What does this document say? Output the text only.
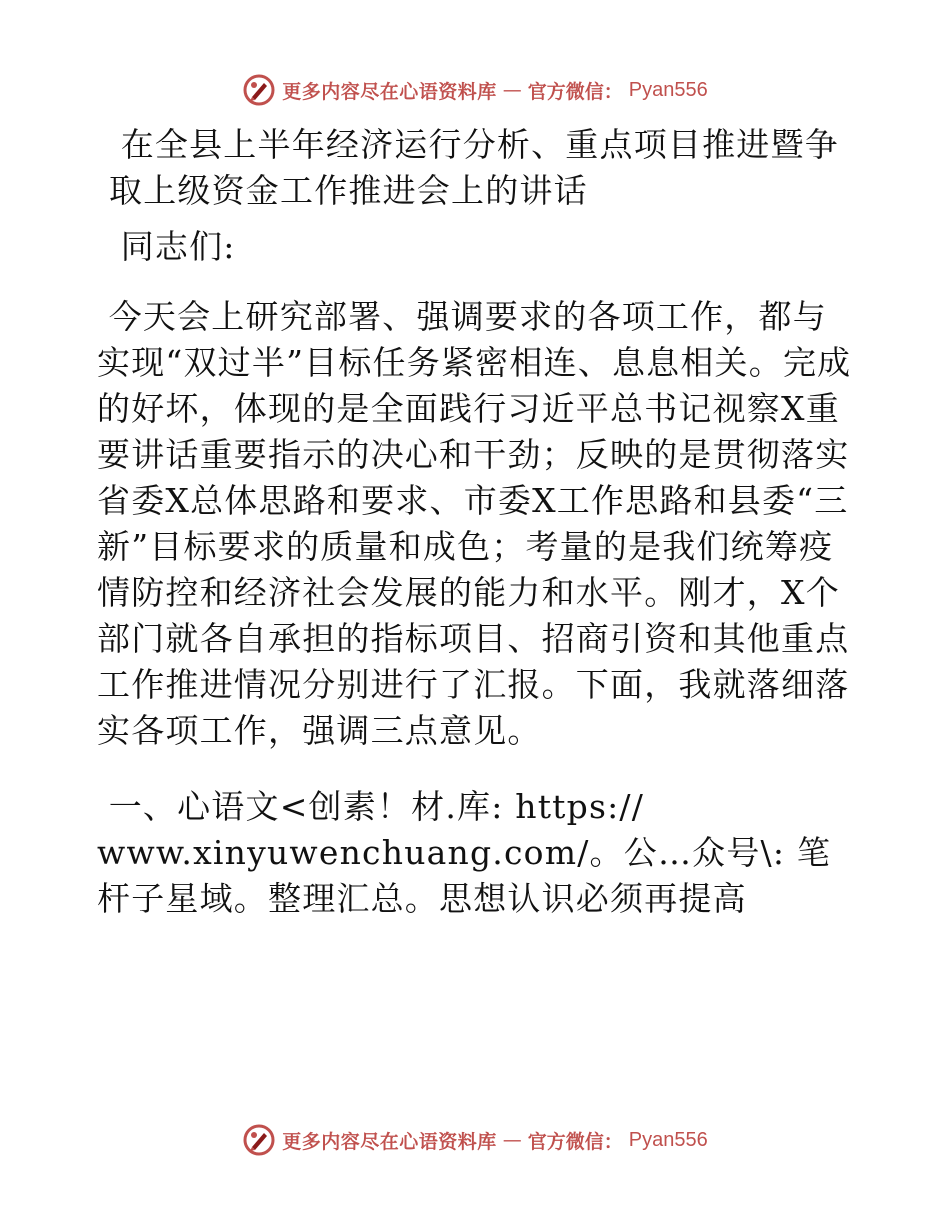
更多内容尽在心语资料库 — 官方微信： Pyan556

在全县上半年经济运行分析、重点项目推进暨争取上级资金工作推进会上的讲话

同志们:

今天会上研究部署、强调要求的各项工作，都与实现“双过半”目标任务紧密相连、息息相关。完成的好坏，体现的是全面践行习近平总书记视察X重要讲话重要指示的决心和干劲；反映的是贯彻落实省委X总体思路和要求、市委X工作思路和县委“三新”目标要求的质量和成色；考量的是我们统筹疫情防控和经济社会发展的能力和水平。刚才，X个部门就各自承担的指标项目、招商引资和其他重点工作推进情况分别进行了汇报。下面，我就落细落实各项工作，强调三点意见。

一、心语文<创素！材.库: https://

www.xinyuwenchuang.com/。公…众号\: 笔杆子星域。整理汇总。思想认识必须再提高

更多内容尽在心语资料库 — 官方微信： Pyan556
